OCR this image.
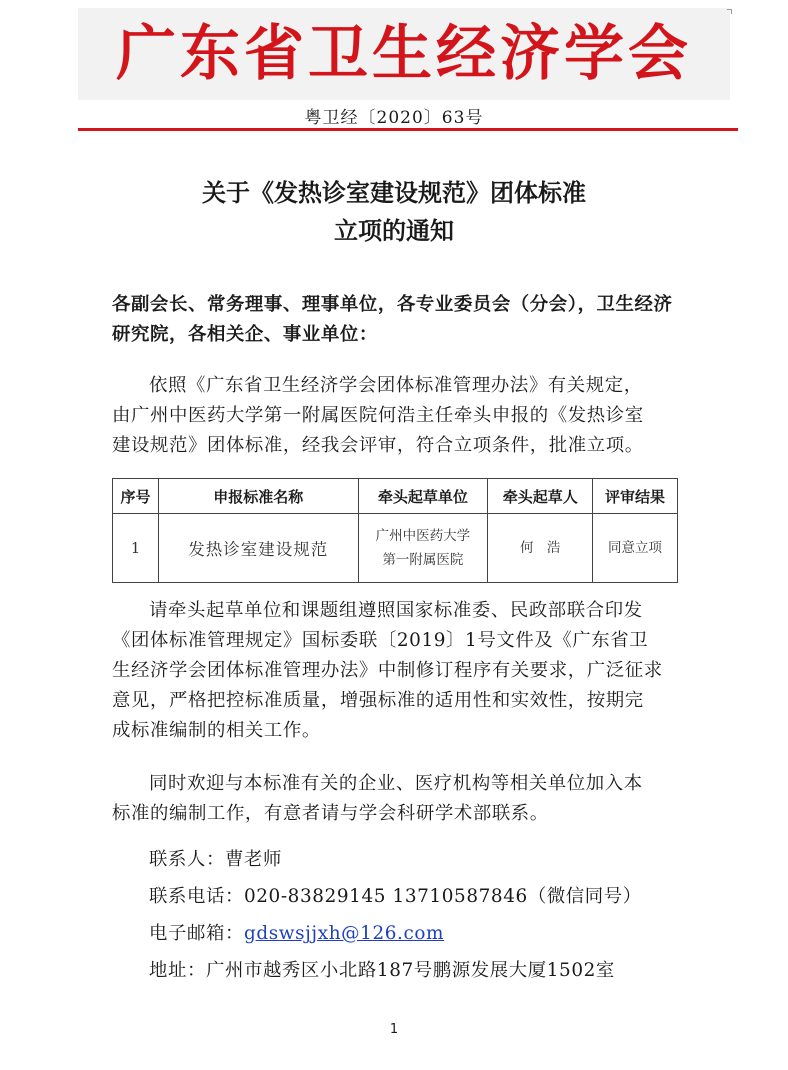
广东省卫生经济学会
粤卫经〔2020〕63号
关于《发热诊室建设规范》团体标准
立项的通知
各副会长、常务理事、理事单位，各专业委员会（分会），卫生经济
研究院，各相关企、事业单位：
依照《广东省卫生经济学会团体标准管理办法》有关规定，
由广州中医药大学第一附属医院何浩主任牵头申报的《发热诊室
建设规范》团体标准，经我会评审，符合立项条件，批准立项。
序号	申报标准名称	牵头起草单位	牵头起草人	评审结果
1	发热诊室建设规范	广州中医药大学
第一附属医院	何　浩	同意立项
请牵头起草单位和课题组遵照国家标准委、民政部联合印发
《团体标准管理规定》国标委联〔2019〕1号文件及《广东省卫
生经济学会团体标准管理办法》中制修订程序有关要求，广泛征求
意见，严格把控标准质量，增强标准的适用性和实效性，按期完
成标准编制的相关工作。
同时欢迎与本标准有关的企业、医疗机构等相关单位加入本
标准的编制工作，有意者请与学会科研学术部联系。
联系人：曹老师
联系电话：020-83829145 13710587846（微信同号）
电子邮箱：gdswsjjxh@126.com
地址：广州市越秀区小北路187号鹏源发展大厦1502室
1
